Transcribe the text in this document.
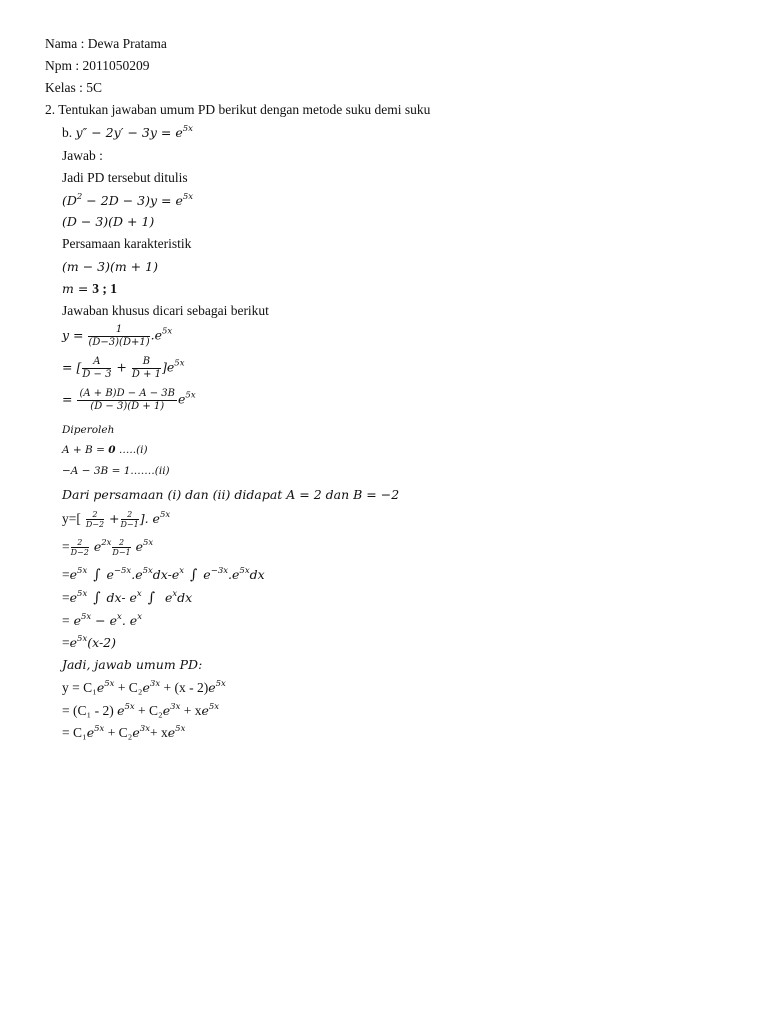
Nama : Dewa Pratama
Npm : 2011050209
Kelas : 5C
2. Tentukan jawaban umum PD berikut dengan metode suku demi suku
b. $y'' - 2y' - 3y = e^{5x}$
Jawab :
Jadi PD tersebut ditulis
$(D^2 - 2D - 3)y = e^{5x}$
(D − 3)(D + 1)
Persamaan karakteristik
(m − 3)(m + 1)
m = 3 ; 1
Jawaban khusus dicari sebagai berikut
$y = \frac{1}{(D-3)(D+1)} .e^{5x}$
= [ $\frac{A}{D - 3} + \frac{B}{D + 1} ]e^{5x}$
= $\frac{(A + B)D - A - 3B}{(D - 3)(D + 1)} e^{5x}$
Diperoleh
A + B = 0 …..(i)
−A − 3B = 1.……(ii)
Dari persamaan (i) dan (ii) didapat A = 2 dan B = −2
$y=[ \frac{2}{D-2} + \frac{2}{D-1}$ ]. $e^{5x}$
= $\frac{2}{D-2} e^{2x} \frac{2}{D-1} e^{5x}$
$=e^{5x}$ ∫ $e^{-5x}.e^{5x}dx-e^x$ ∫ $e^{-3x}.e^{5x}dx$
$=e^{5x}$ ∫ dx- $e^x$ ∫  $e^xdx$
= $e^{5x} - e^x$. $e^x$
$=e^{5x}(x-2)$
Jadi, jawab umum PD:
$y = C_1e^{5x} + C_2e^{3x} + (x - 2)e^{5x}$
= (C₁ - 2) $e^{5x} + C_2e^{3x} + xe^{5x}$
= $C_1e^{5x} + C_2e^{3x}+ xe^{5x}$
